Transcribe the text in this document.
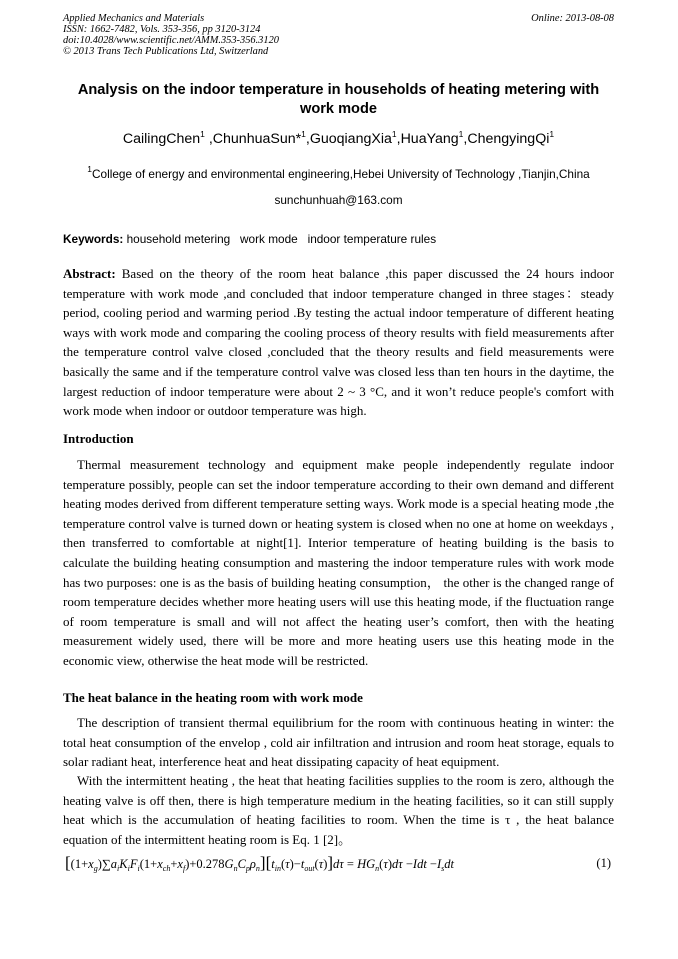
Applied Mechanics and Materials
ISSN: 1662-7482, Vols. 353-356, pp 3120-3124
doi:10.4028/www.scientific.net/AMM.353-356.3120
© 2013 Trans Tech Publications Ltd, Switzerland
Online: 2013-08-08
Analysis on the indoor temperature in households of heating metering with work mode
CailingChen$^1$ ,ChunhuaSun*$^1$,GuoqiangXia$^1$,HuaYang$^1$,ChengyingQi$^1$
$^1$College of energy and environmental engineering,Hebei University of Technology ,Tianjin,China
sunchunhuah@163.com
Keywords: household metering   work mode   indoor temperature rules
Abstract: Based on the theory of the room heat balance ,this paper discussed the 24 hours indoor temperature with work mode ,and concluded that indoor temperature changed in three stages：steady period, cooling period and warming period .By testing the actual indoor temperature of different heating ways with work mode and comparing the cooling process of theory results with field measurements after the temperature control valve closed ,concluded that the theory results and field measurements were basically the same and if the temperature control valve was closed less than ten hours in the daytime, the largest reduction of indoor temperature were about 2 ~ 3 °C, and it won’t reduce people's comfort with work mode when indoor or outdoor temperature was high.
Introduction
Thermal measurement technology and equipment make people independently regulate indoor temperature possibly, people can set the indoor temperature according to their own demand and different heating modes derived from different temperature setting ways. Work mode is a special heating mode ,the temperature control valve is turned down or heating system is closed when no one at home on weekdays , then transferred to comfortable at night[1]. Interior temperature of heating building is the basis to calculate the building heating consumption and mastering the indoor temperature rules with work mode has two purposes: one is as the basis of building heating consumption， the other is the changed range of room temperature decides whether more heating users will use this heating mode, if the fluctuation range of room temperature is small and will not affect the heating user’s comfort, then with the heating measurement widely used, there will be more and more heating users use this heating mode in the economic view, otherwise the heat mode will be restricted.
The heat balance in the heating room with work mode
The description of transient thermal equilibrium for the room with continuous heating in winter: the total heat consumption of the envelop , cold air infiltration and intrusion and room heat storage, equals to solar radiant heat, interference heat and heat dissipating capacity of heat equipment.
With the intermittent heating , the heat that heating facilities supplies to the room is zero, although the heating valve is off then, there is high temperature medium in the heating facilities, so it can still supply heat which is the accumulation of heating facilities to room. When the time is τ , the heat balance equation of the intermittent heating room is Eq. 1 [2]。
$[(1+x_g)\sum a_iK_iF_i(1+x_{ch}+x_f)+0.278G_nC_p\rho_n][t_{in}(\tau)-t_{out}(\tau)]d\tau = HG_n(\tau)d\tau -Idt -I_sdt$	(1)
